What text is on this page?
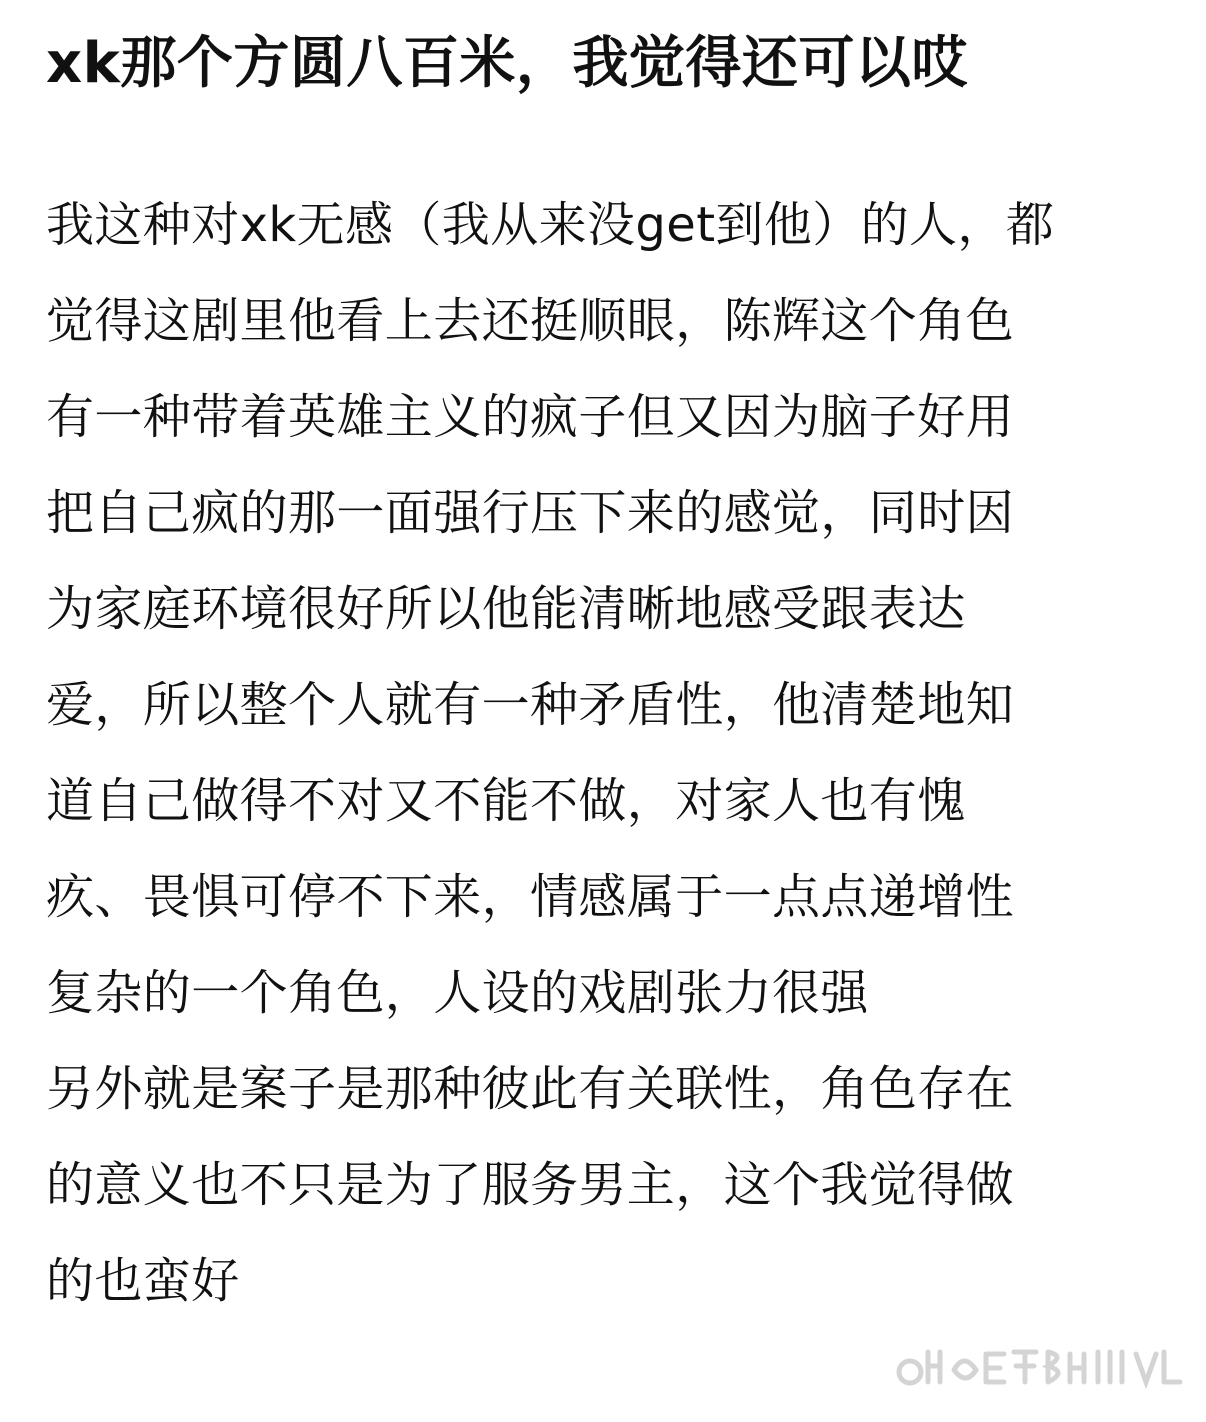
xk那个方圆八百米，我觉得还可以哎
我这种对xk无感（我从来没get到他）的人，都
觉得这剧里他看上去还挺顺眼，陈辉这个角色
有一种带着英雄主义的疯子但又因为脑子好用
把自己疯的那一面强行压下来的感觉，同时因
为家庭环境很好所以他能清晰地感受跟表达
爱，所以整个人就有一种矛盾性，他清楚地知
道自己做得不对又不能不做，对家人也有愧
疚、畏惧可停不下来，情感属于一点点递增性
复杂的一个角色，人设的戏剧张力很强
另外就是案子是那种彼此有关联性，角色存在
的意义也不只是为了服务男主，这个我觉得做
的也蛮好
